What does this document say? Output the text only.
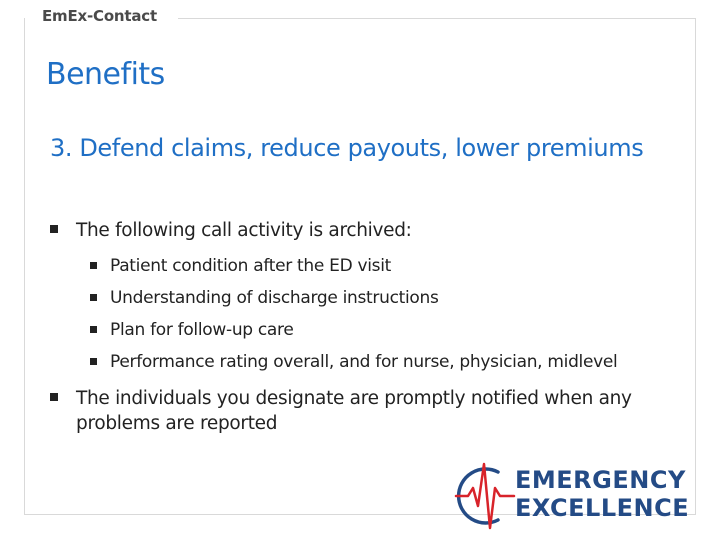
EmEx-Contact
Benefits
3. Defend claims, reduce payouts, lower premiums
The following call activity is archived:
Patient condition after the ED visit
Understanding of discharge instructions
Plan for follow-up care
Performance rating overall, and for nurse, physician, midlevel
The individuals you designate are promptly notified when any problems are reported
EMERGENCY
EXCELLENCE
